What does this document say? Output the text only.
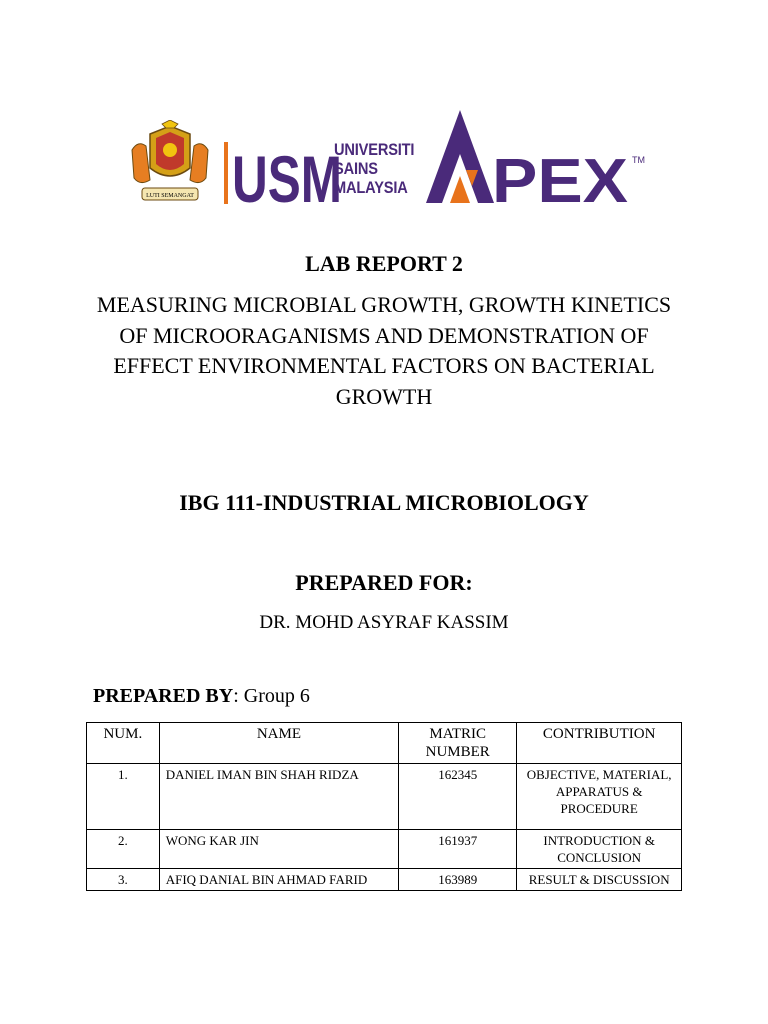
LUTI SEMANGAT USM
UNIVERSITI
SAINS
MALAYSIA PEX TM
LAB REPORT 2
MEASURING MICROBIAL GROWTH, GROWTH KINETICS OF MICROORAGANISMS AND DEMONSTRATION OF EFFECT ENVIRONMENTAL FACTORS ON BACTERIAL GROWTH
IBG 111-INDUSTRIAL MICROBIOLOGY
PREPARED FOR:
DR. MOHD ASYRAF KASSIM
PREPARED BY: Group 6
NUM.	NAME	MATRIC NUMBER	CONTRIBUTION
1.	DANIEL IMAN BIN SHAH RIDZA	162345	OBJECTIVE, MATERIAL, APPARATUS & PROCEDURE
2.	WONG KAR JIN	161937	INTRODUCTION & CONCLUSION
3.	AFIQ DANIAL BIN AHMAD FARID	163989	RESULT & DISCUSSION
